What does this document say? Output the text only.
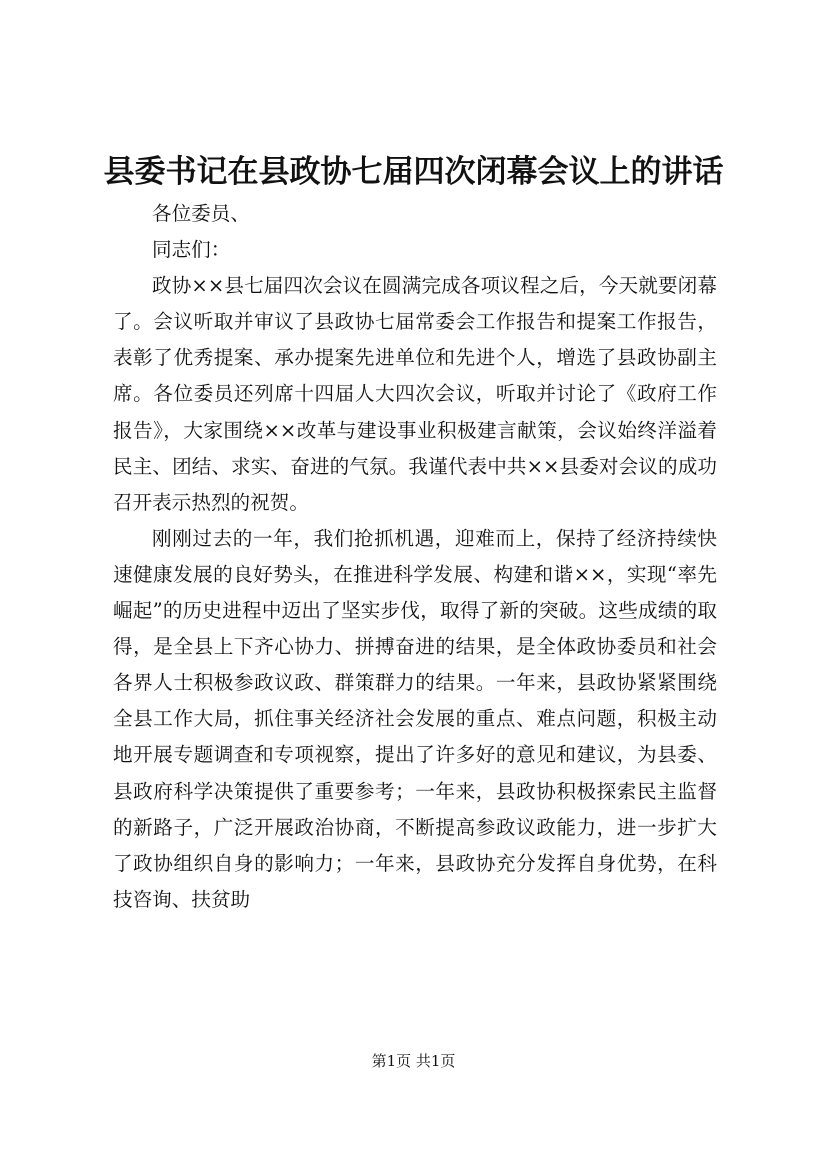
县委书记在县政协七届四次闭幕会议上的讲话

各位委员、

同志们：

政协××县七届四次会议在圆满完成各项议程之后，今天就要闭幕了。会议听取并审议了县政协七届常委会工作报告和提案工作报告，表彰了优秀提案、承办提案先进单位和先进个人，增选了县政协副主席。各位委员还列席十四届人大四次会议，听取并讨论了《政府工作报告》，大家围绕××改革与建设事业积极建言献策，会议始终洋溢着民主、团结、求实、奋进的气氛。我谨代表中共××县委对会议的成功召开表示热烈的祝贺。

刚刚过去的一年，我们抢抓机遇，迎难而上，保持了经济持续快速健康发展的良好势头，在推进科学发展、构建和谐××，实现“率先崛起”的历史进程中迈出了坚实步伐，取得了新的突破。这些成绩的取得，是全县上下齐心协力、拼搏奋进的结果，是全体政协委员和社会各界人士积极参政议政、群策群力的结果。一年来，县政协紧紧围绕全县工作大局，抓住事关经济社会发展的重点、难点问题，积极主动地开展专题调查和专项视察，提出了许多好的意见和建议，为县委、县政府科学决策提供了重要参考；一年来，县政协积极探索民主监督的新路子，广泛开展政治协商，不断提高参政议政能力，进一步扩大了政协组织自身的影响力；一年来，县政协充分发挥自身优势，在科技咨询、扶贫助

第1页 共1页
